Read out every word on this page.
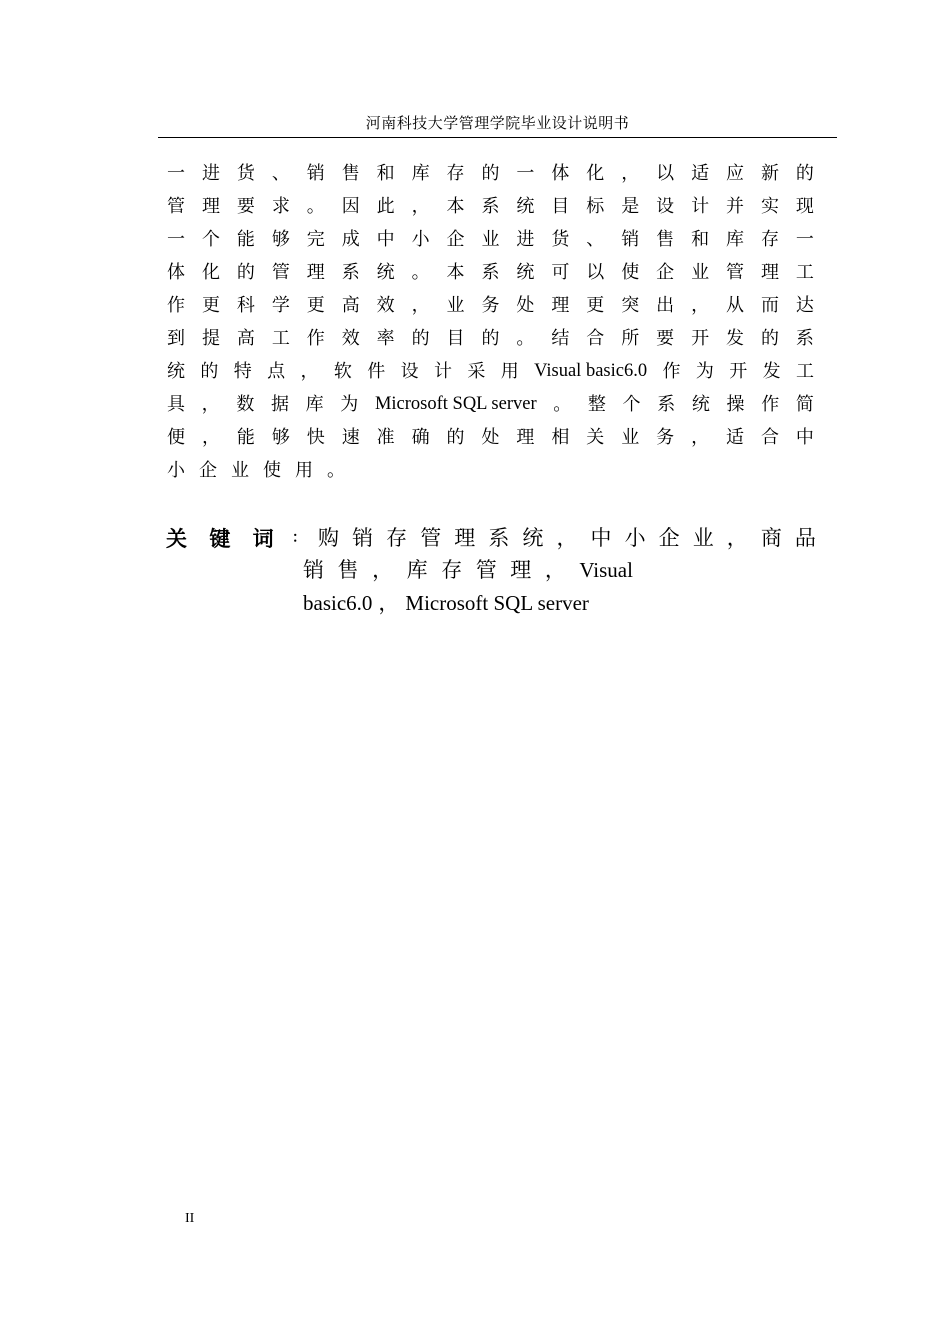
河南科技大学管理学院毕业设计说明书
一 进 货 、 销 售 和 库 存 的 一 体 化 ， 以 适 应 新 的
管 理 要 求 。 因 此 ， 本 系 统 目 标 是 设 计 并 实 现
一 个 能 够 完 成 中 小 企 业 进 货 、 销 售 和 库 存 一
体 化 的 管 理 系 统 。 本 系 统 可 以 使 企 业 管 理 工
作 更 科 学 更 高 效 ， 业 务 处 理 更 突 出 ， 从 而 达
到 提 高 工 作 效 率 的 目 的 。 结 合 所 要 开 发 的 系
统 的 特 点 ， 软 件 设 计 采 用 Visual basic6.0 作 为 开 发 工
具 ， 数 据 库 为 Microsoft SQL server 。 整 个 系 统 操 作 简
便 ， 能 够 快 速 准 确 的 处 理 相 关 业 务 ， 适 合 中
小 企 业 使 用 。
关 键 词 ： 购 销 存 管 理 系 统 ， 中 小 企 业 ， 商 品
销 售 ， 库 存 管 理 ， Visual
basic6.0 ， Microsoft SQL server
II
